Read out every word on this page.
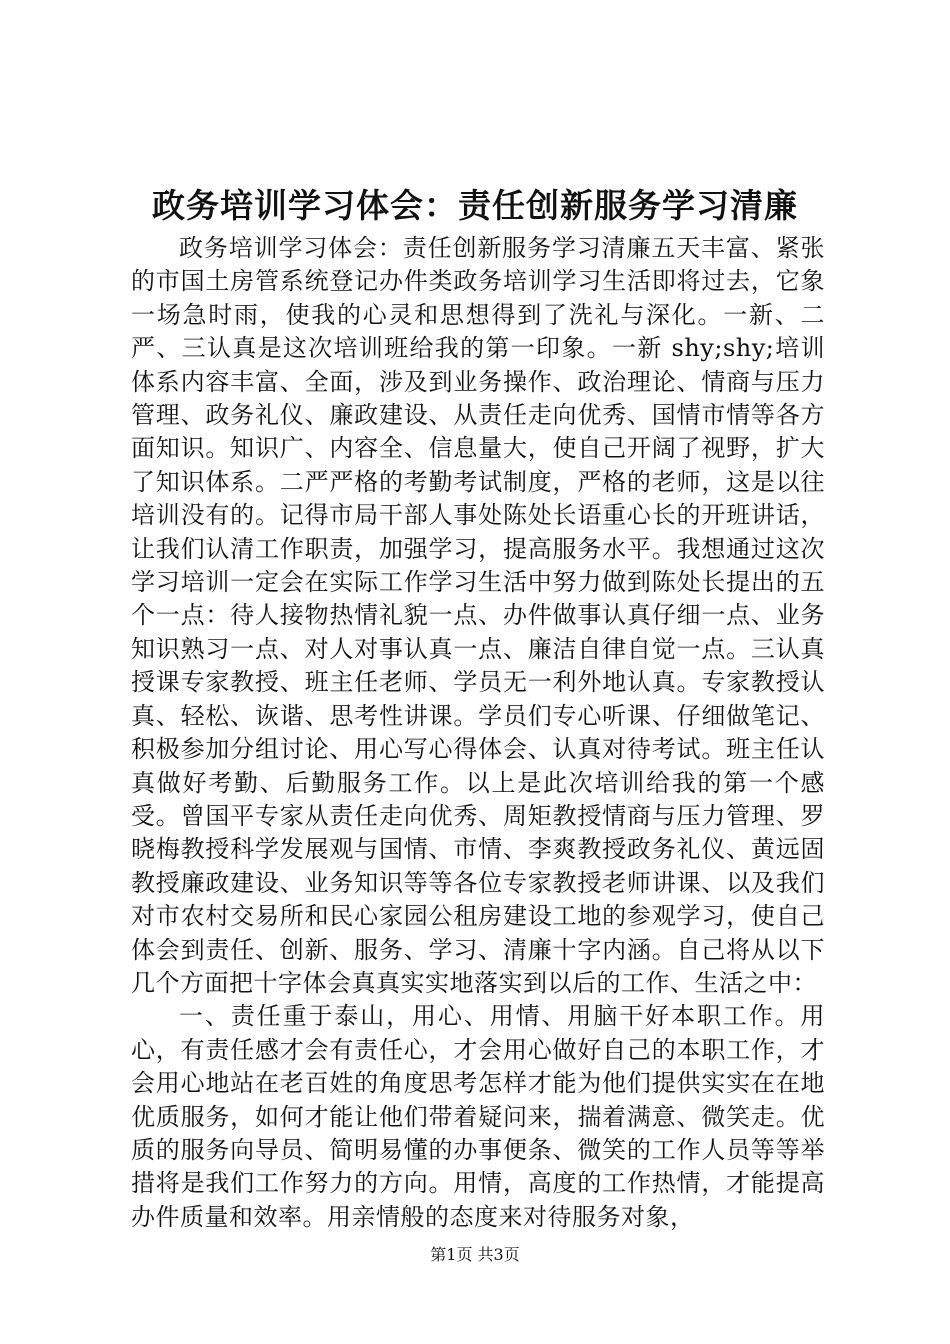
政务培训学习体会：责任创新服务学习清廉

政务培训学习体会：责任创新服务学习清廉五天丰富、紧张的市国土房管系统登记办件类政务培训学习生活即将过去，它象一场急时雨，使我的心灵和思想得到了洗礼与深化。一新、二严、三认真是这次培训班给我的第一印象。一新 shy;shy;培训体系内容丰富、全面，涉及到业务操作、政治理论、情商与压力管理、政务礼仪、廉政建设、从责任走向优秀、国情市情等各方面知识。知识广、内容全、信息量大，使自己开阔了视野，扩大了知识体系。二严严格的考勤考试制度，严格的老师，这是以往培训没有的。记得市局干部人事处陈处长语重心长的开班讲话，让我们认清工作职责，加强学习，提高服务水平。我想通过这次学习培训一定会在实际工作学习生活中努力做到陈处长提出的五个一点：待人接物热情礼貌一点、办件做事认真仔细一点、业务知识熟习一点、对人对事认真一点、廉洁自律自觉一点。三认真授课专家教授、班主任老师、学员无一利外地认真。专家教授认真、轻松、诙谐、思考性讲课。学员们专心听课、仔细做笔记、积极参加分组讨论、用心写心得体会、认真对待考试。班主任认真做好考勤、后勤服务工作。以上是此次培训给我的第一个感受。曾国平专家从责任走向优秀、周矩教授情商与压力管理、罗晓梅教授科学发展观与国情、市情、李爽教授政务礼仪、黄远固教授廉政建设、业务知识等等各位专家教授老师讲课、以及我们对市农村交易所和民心家园公租房建设工地的参观学习，使自己体会到责任、创新、服务、学习、清廉十字内涵。自己将从以下几个方面把十字体会真真实实地落实到以后的工作、生活之中：

一、责任重于泰山，用心、用情、用脑干好本职工作。用心，有责任感才会有责任心，才会用心做好自己的本职工作，才会用心地站在老百姓的角度思考怎样才能为他们提供实实在在地优质服务，如何才能让他们带着疑问来，揣着满意、微笑走。优质的服务向导员、简明易懂的办事便条、微笑的工作人员等等举措将是我们工作努力的方向。用情，高度的工作热情，才能提高办件质量和效率。用亲情般的态度来对待服务对象，

第1页 共3页
